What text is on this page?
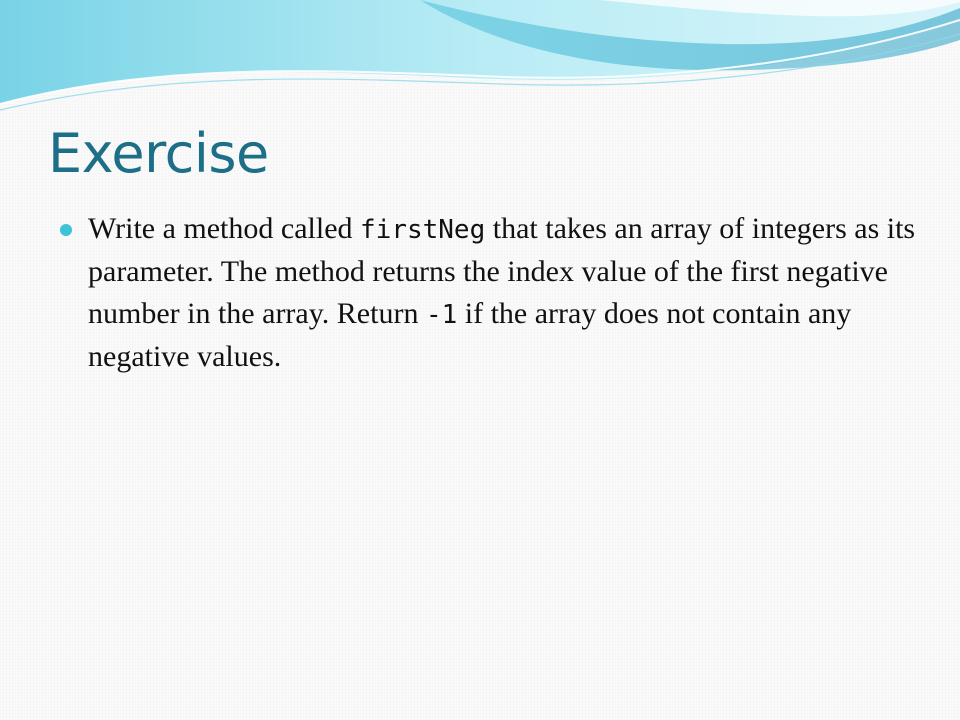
Exercise
Write a method called firstNeg that takes an array of integers as its parameter. The method returns the index value of the first negative number in the array. Return -1 if the array does not contain any negative values.
